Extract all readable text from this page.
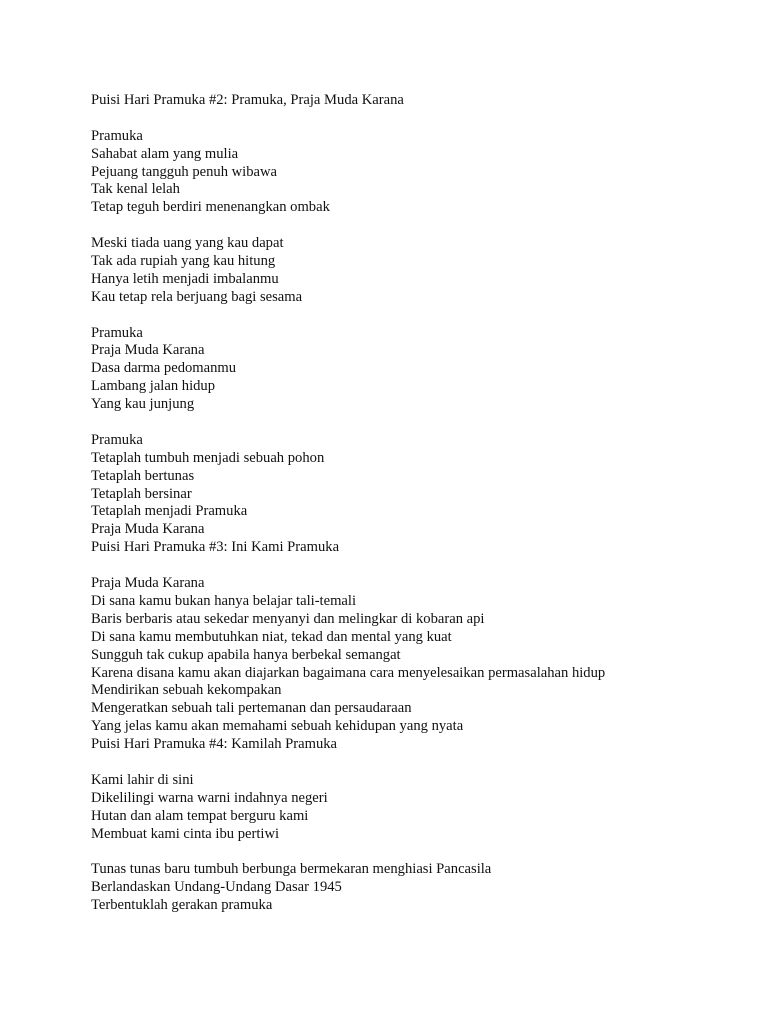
Puisi Hari Pramuka #2: Pramuka, Praja Muda Karana
Pramuka
Sahabat alam yang mulia
Pejuang tangguh penuh wibawa
Tak kenal lelah
Tetap teguh berdiri menenangkan ombak
Meski tiada uang yang kau dapat
Tak ada rupiah yang kau hitung
Hanya letih menjadi imbalanmu
Kau tetap rela berjuang bagi sesama
Pramuka
Praja Muda Karana
Dasa darma pedomanmu
Lambang jalan hidup
Yang kau junjung
Pramuka
Tetaplah tumbuh menjadi sebuah pohon
Tetaplah bertunas
Tetaplah bersinar
Tetaplah menjadi Pramuka
Praja Muda Karana
Puisi Hari Pramuka #3: Ini Kami Pramuka
Praja Muda Karana
Di sana kamu bukan hanya belajar tali-temali
Baris berbaris atau sekedar menyanyi dan melingkar di kobaran api
Di sana kamu membutuhkan niat, tekad dan mental yang kuat
Sungguh tak cukup apabila hanya berbekal semangat
Karena disana kamu akan diajarkan bagaimana cara menyelesaikan permasalahan hidup
Mendirikan sebuah kekompakan
Mengeratkan sebuah tali pertemanan dan persaudaraan
Yang jelas kamu akan memahami sebuah kehidupan yang nyata
Puisi Hari Pramuka #4: Kamilah Pramuka
Kami lahir di sini
Dikelilingi warna warni indahnya negeri
Hutan dan alam tempat berguru kami
Membuat kami cinta ibu pertiwi
Tunas tunas baru tumbuh berbunga bermekaran menghiasi Pancasila
Berlandaskan Undang-Undang Dasar 1945
Terbentuklah gerakan pramuka
